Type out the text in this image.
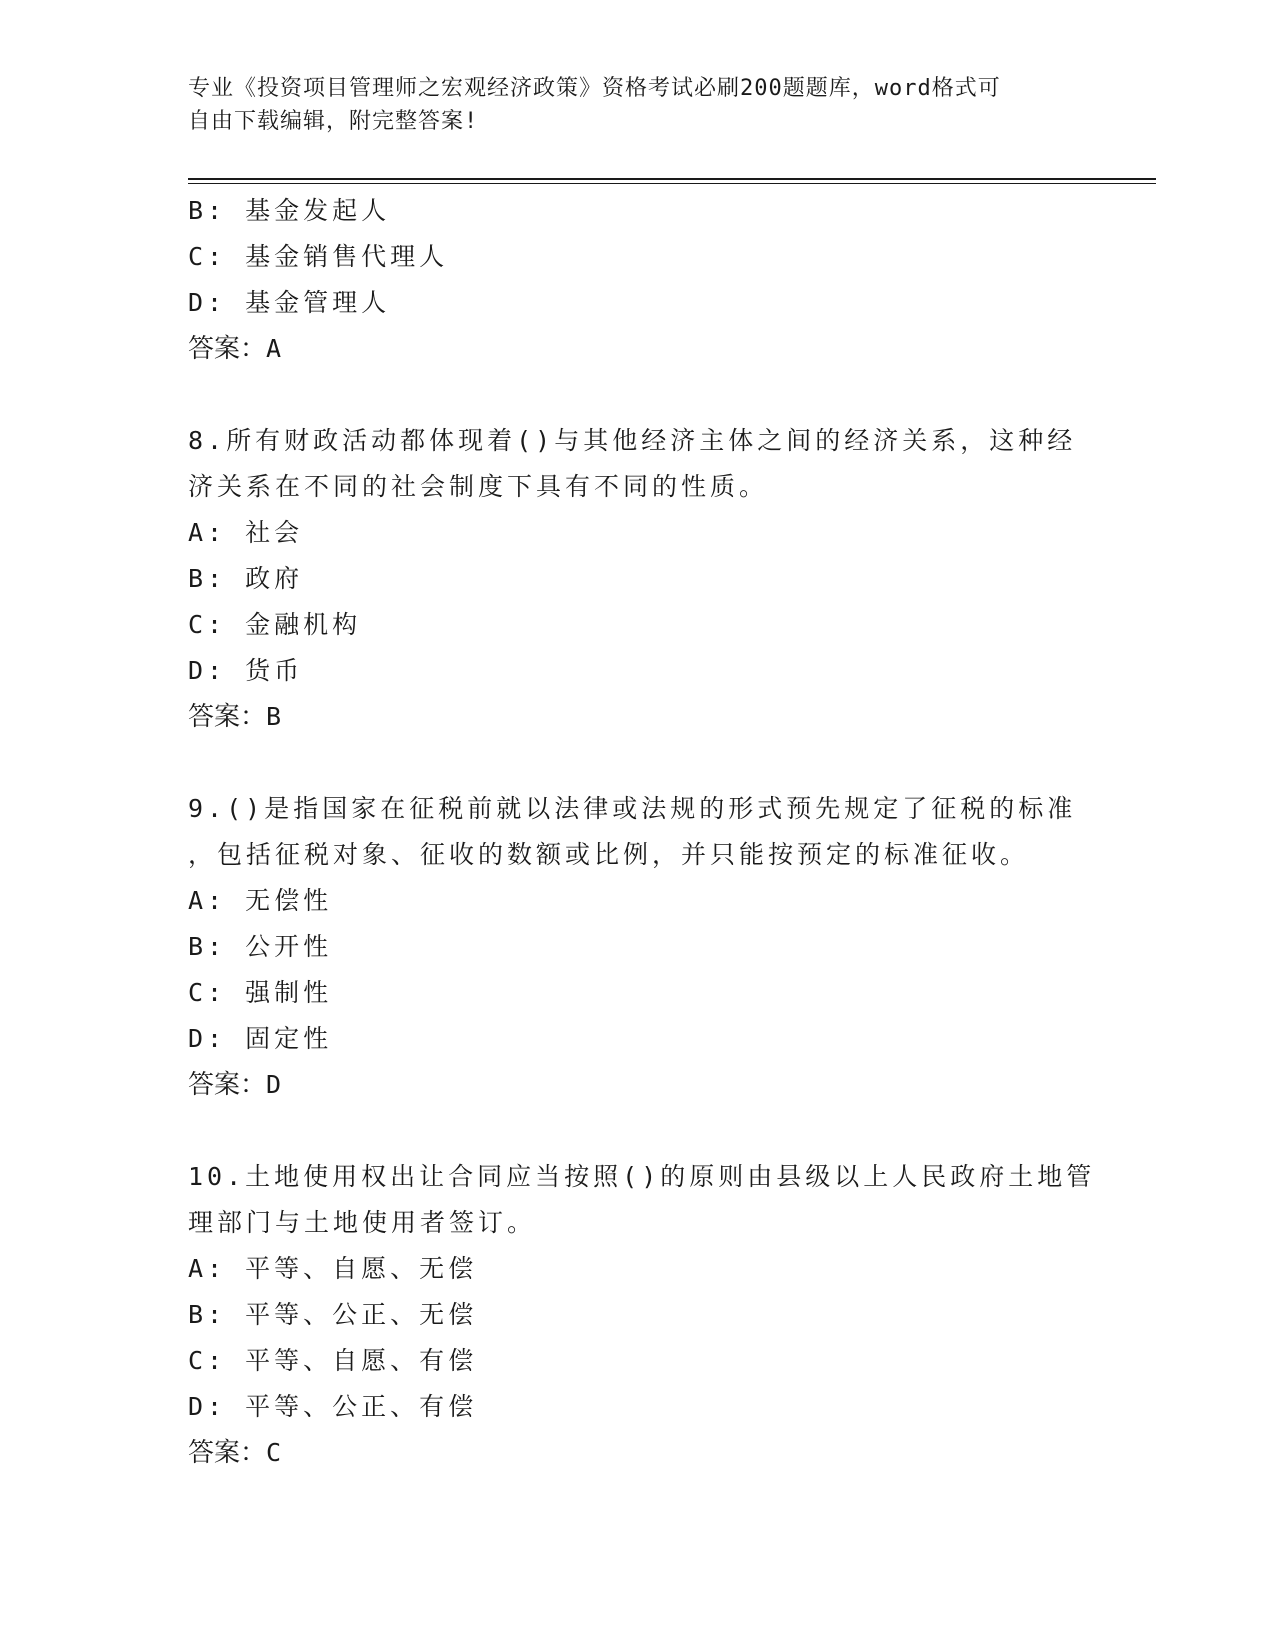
专业《投资项目管理师之宏观经济政策》资格考试必刷200题题库，word格式可
自由下载编辑，附完整答案!
B: 基金发起人
C: 基金销售代理人
D: 基金管理人
答案：A
8.所有财政活动都体现着()与其他经济主体之间的经济关系，这种经
济关系在不同的社会制度下具有不同的性质。
A: 社会
B: 政府
C: 金融机构
D: 货币
答案：B
9.()是指国家在征税前就以法律或法规的形式预先规定了征税的标准
，包括征税对象、征收的数额或比例，并只能按预定的标准征收。
A: 无偿性
B: 公开性
C: 强制性
D: 固定性
答案：D
10.土地使用权出让合同应当按照()的原则由县级以上人民政府土地管
理部门与土地使用者签订。
A: 平等、自愿、无偿
B: 平等、公正、无偿
C: 平等、自愿、有偿
D: 平等、公正、有偿
答案：C
